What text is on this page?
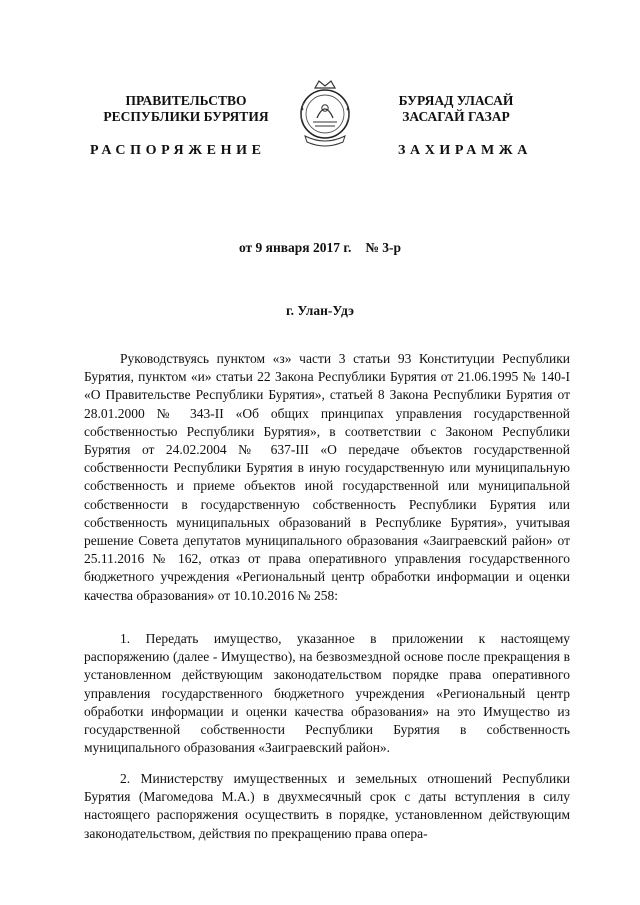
ПРАВИТЕЛЬСТВО
РЕСПУБЛИКИ БУРЯТИЯ
БУРЯАД УЛАСАЙ
ЗАСАГАЙ ГАЗАР
РАСПОРЯЖЕНИЕ	ЗАХИРАМЖА
от 9 января 2017 г. № 3-р
г. Улан-Удэ
Руководствуясь пунктом «з» части 3 статьи 93 Конституции Республики Бурятия, пунктом «и» статьи 22 Закона Республики Бурятия от 21.06.1995 № 140-I «О Правительстве Республики Бурятия», статьей 8 Закона Республики Бурятия от 28.01.2000 № 343-II «Об общих принципах управления государственной собственностью Республики Бурятия», в соответствии с Законом Республики Бурятия от 24.02.2004 № 637-III «О передаче объектов государственной собственности Республики Бурятия в иную государственную или муниципальную собственность и приеме объектов иной государственной или муниципальной собственности в государственную собственность Республики Бурятия или собственность муниципальных образований в Республике Бурятия», учитывая решение Совета депутатов муниципального образования «Заиграевский район» от 25.11.2016 № 162, отказ от права оперативного управления государственного бюджетного учреждения «Региональный центр обработки информации и оценки качества образования» от 10.10.2016 № 258:
1. Передать имущество, указанное в приложении к настоящему распоряжению (далее - Имущество), на безвозмездной основе после прекращения в установленном действующим законодательством порядке права оперативного управления государственного бюджетного учреждения «Региональный центр обработки информации и оценки качества образования» на это Имущество из государственной собственности Республики Бурятия в собственность муниципального образования «Заиграевский район».
2. Министерству имущественных и земельных отношений Республики Бурятия (Магомедова М.А.) в двухмесячный срок с даты вступления в силу настоящего распоряжения осуществить в порядке, установленном действующим законодательством, действия по прекращению права опера-
